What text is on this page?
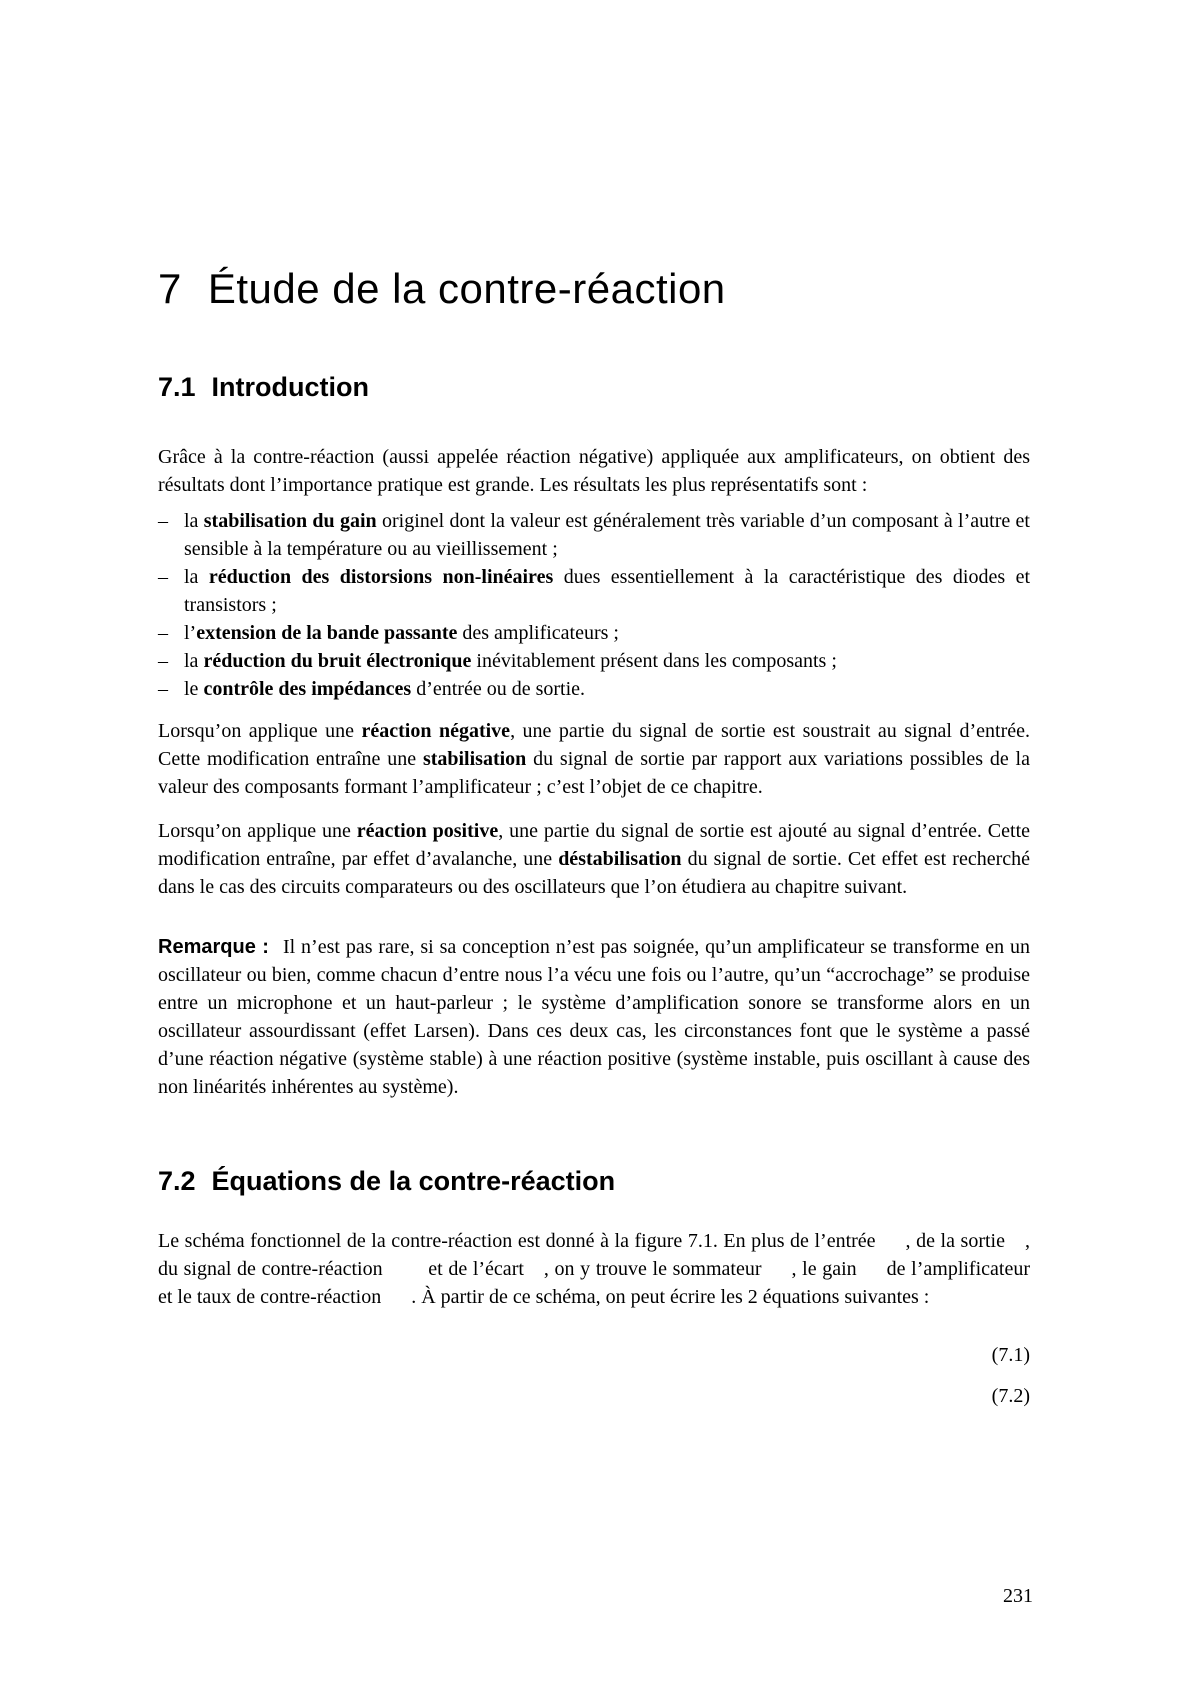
7 Étude de la contre-réaction
7.1 Introduction

Grâce à la contre-réaction (aussi appelée réaction négative) appliquée aux amplificateurs, on obtient des résultats dont l’importance pratique est grande. Les résultats les plus représentatifs sont :

– la stabilisation du gain originel dont la valeur est généralement très variable d’un composant à l’autre et sensible à la température ou au vieillissement ;
– la réduction des distorsions non-linéaires dues essentiellement à la caractéristique des diodes et transistors ;
– l’extension de la bande passante des amplificateurs ;
– la réduction du bruit électronique inévitablement présent dans les composants ;
– le contrôle des impédances d’entrée ou de sortie.

Lorsqu’on applique une réaction négative, une partie du signal de sortie est soustrait au signal d’entrée. Cette modification entraîne une stabilisation du signal de sortie par rapport aux variations possibles de la valeur des composants formant l’amplificateur ; c’est l’objet de ce chapitre.

Lorsqu’on applique une réaction positive, une partie du signal de sortie est ajouté au signal d’entrée. Cette modification entraîne, par effet d’avalanche, une déstabilisation du signal de sortie. Cet effet est recherché dans le cas des circuits comparateurs ou des oscillateurs que l’on étudiera au chapitre suivant.

Remarque : Il n’est pas rare, si sa conception n’est pas soignée, qu’un amplificateur se transforme en un oscillateur ou bien, comme chacun d’entre nous l’a vécu une fois ou l’autre, qu’un “accrochage” se produise entre un microphone et un haut-parleur ; le système d’amplification sonore se transforme alors en un oscillateur assourdissant (effet Larsen). Dans ces deux cas, les circonstances font que le système a passé d’une réaction négative (système stable) à une réaction positive (système instable, puis oscillant à cause des non linéarités inhérentes au système).

7.2 Équations de la contre-réaction

Le schéma fonctionnel de la contre-réaction est donné à la figure 7.1. En plus de l’entrée  , de la sortie , du signal de contre-réaction   et de l’écart , on y trouve le sommateur  , le gain  de l’amplificateur et le taux de contre-réaction  . À partir de ce schéma, on peut écrire les 2 équations suivantes :

(7.1)
(7.2)
231
